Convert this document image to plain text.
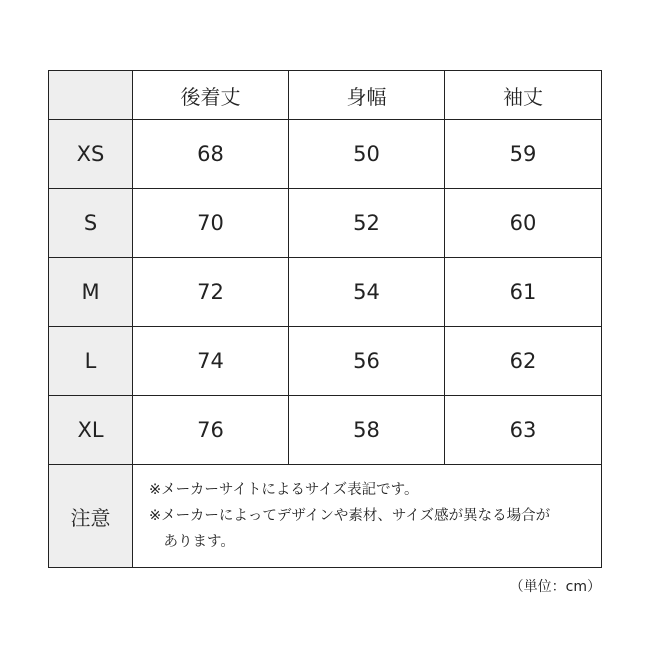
	後着丈	身幅	袖丈
XS	68	50	59
S	70	52	60
M	72	54	61
L	74	56	62
XL	76	58	63
注意	※メーカーサイトによるサイズ表記です。
※メーカーによってデザインや素材、サイズ感が異なる場合が
あります。		
（単位：cm）
